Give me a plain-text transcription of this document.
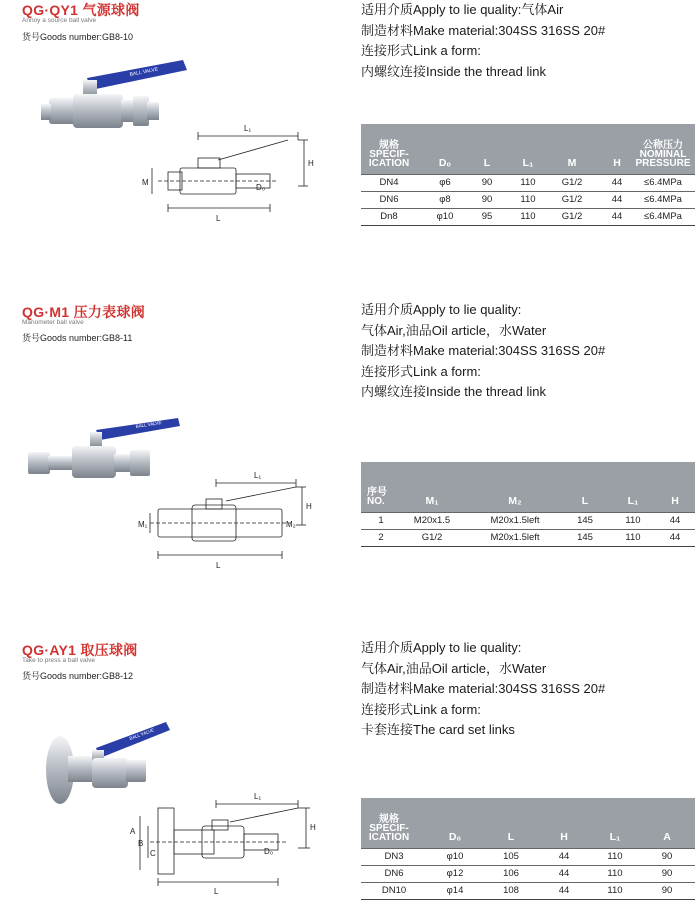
QG·QY1 气源球阀
Annoy a source ball valve
货号Goods number:GB8-10
BALL VALVE
L₁
H
M
D₀
L
适用介质Apply to lie quality:气体Air
制造材料Make material:304SS 316SS 20#
连接形式Link a form:
内螺纹连接Inside the thread link
规格
SPECIF-
ICATION	D₀	L	L₁	M	H
公称压力
NOMINAL
PRESSURE
DN4	φ6	90	110	G1/2	44	≤6.4MPa
DN6	φ8	90	110	G1/2	44	≤6.4MPa
Dn8	φ10	95	110	G1/2	44	≤6.4MPa
QG·M1 压力表球阀
Manometer ball valve
货号Goods number:GB8-11
BALL VALVE
L₁
H
M₁	M₂
L
适用介质Apply to lie quality:
气体Air,油品Oil article，水Water
制造材料Make material:304SS 316SS 20#
连接形式Link a form:
内螺纹连接Inside the thread link
序号
NO.	M₁	M₂	L	L₁	H
1	M20x1.5	M20x1.5left	145	110	44
2	G1/2	M20x1.5left	145	110	44
QG·AY1 取压球阀
Take to press a ball valve
货号Goods number:GB8-12
BALL VALVE
L₁
H
A
B
C	D₀
L
适用介质Apply to lie quality:
气体Air,油品Oil article，水Water
制造材料Make material:304SS 316SS 20#
连接形式Link a form:
卡套连接The card set links
规格
SPECIF-
ICATION	D₀	L	H	L₁	A
DN3	φ10	105	44	110	90
DN6	φ12	106	44	110	90
DN10	φ14	108	44	110	90
